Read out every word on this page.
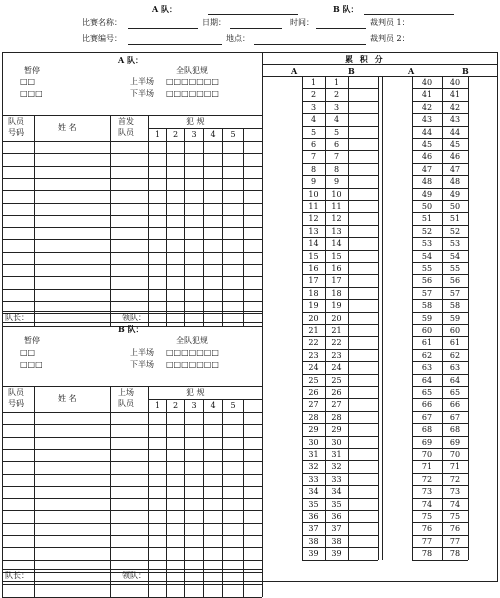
A 队：	B 队：
比赛名称：	日期：	时间：	裁判员 1：
比赛编号：	地点：	裁判员 2：
A 队：
暂停
□□
□□□
全队犯规
上半场 □□□□□□□
下半场 □□□□□□□
队员
号码
姓 名
首发
队员
犯 规
1 2 3 4 5
队长：	领队：
B 队：
暂停
□□
□□□
全队犯规
上半场 □□□□□□□
下半场 □□□□□□□
队员
号码
姓 名
上场
队员
犯 规
1 2 3 4 5
队长：	领队：
累 积 分
A	B	A	B
1	1	40	40
2	2	41	41
3	3	42	42
4	4	43	43
5	5	44	44
6	6	45	45
7	7	46	46
8	8	47	47
9	9	48	48
10	10	49	49
11	11	50	50
12	12	51	51
13	13	52	52
14	14	53	53
15	15	54	54
16	16	55	55
17	17	56	56
18	18	57	57
19	19	58	58
20	20	59	59
21	21	60	60
22	22	61	61
23	23	62	62
24	24	63	63
25	25	64	64
26	26	65	65
27	27	66	66
28	28	67	67
29	29	68	68
30	30	69	69
31	31	70	70
32	32	71	71
33	33	72	72
34	34	73	73
35	35	74	74
36	36	75	75
37	37	76	76
38	38	77	77
39	39	78	78
